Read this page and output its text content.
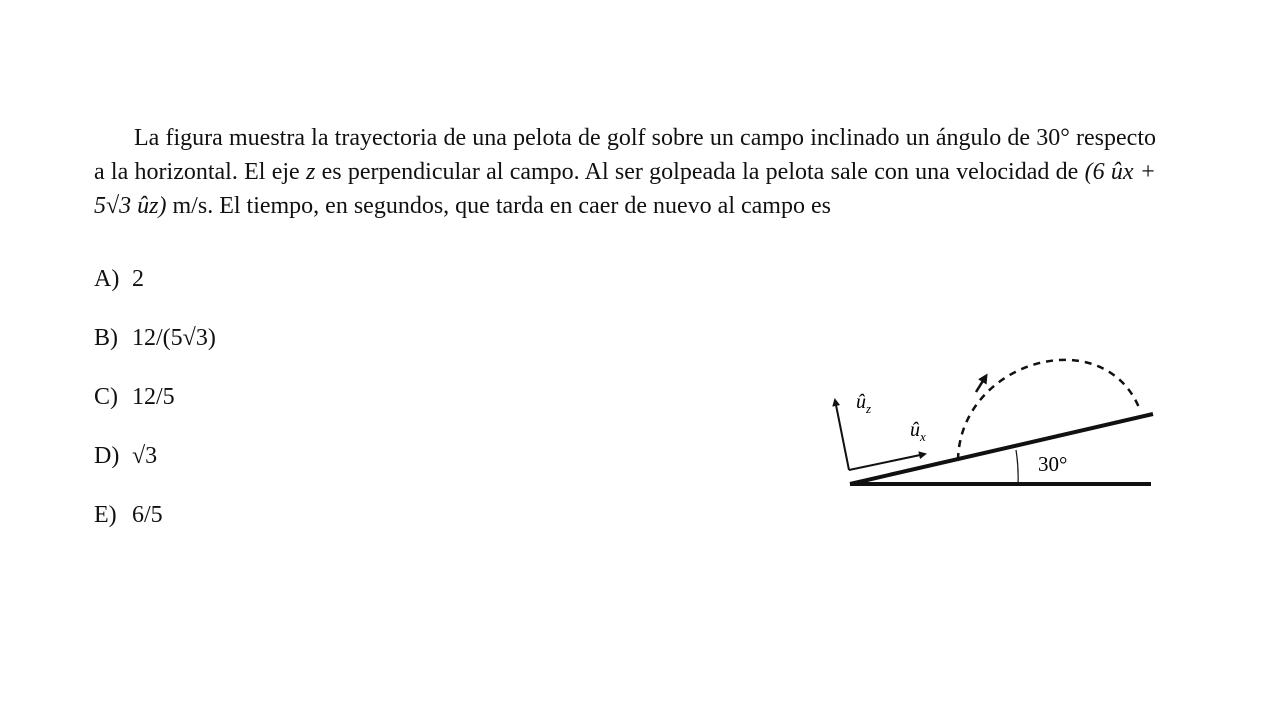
La figura muestra la trayectoria de una pelota de golf sobre un campo inclinado un ángulo de 30° respecto a la horizontal. El eje z es perpendicular al campo. Al ser golpeada la pelota sale con una velocidad de (6 ûx + 5√3 ûz) m/s. El tiempo, en segundos, que tarda en caer de nuevo al campo es
A) 2
B) 12/(5√3)
C) 12/5
D) √3
E) 6/5
$û_z$
$û_x$
30°
